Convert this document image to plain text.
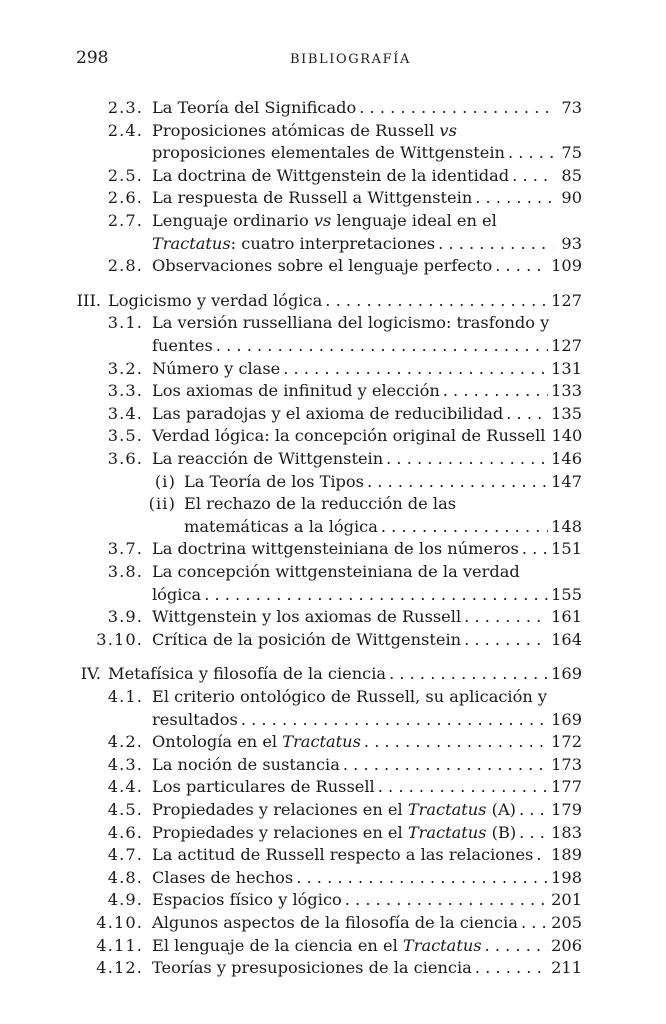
298	BIBLIOGRAFÍA
2.3. La Teoría del Significado . . .	73
2.4. Proposiciones atómicas de Russell vs
proposiciones elementales de Wittgenstein . . .	75
2.5. La doctrina de Wittgenstein de la identidad . . .	85
2.6. La respuesta de Russell a Wittgenstein . . .	90
2.7. Lenguaje ordinario vs lenguaje ideal en el
Tractatus: cuatro interpretaciones . . .	93
2.8. Observaciones sobre el lenguaje perfecto . . .	109
III. Logicismo y verdad lógica . . .	127
3.1. La versión russelliana del logicismo: trasfondo y
fuentes . . .	127
3.2. Número y clase . . .	131
3.3. Los axiomas de infinitud y elección . . .	133
3.4. Las paradojas y el axioma de reducibilidad . . .	135
3.5. Verdad lógica: la concepción original de Russell 140
3.6. La reacción de Wittgenstein . . .	146
(i) La Teoría de los Tipos . . .	147
(ii) El rechazo de la reducción de las
matemáticas a la lógica . . .	148
3.7. La doctrina wittgensteiniana de los números . . . 151
3.8. La concepción wittgensteiniana de la verdad
lógica . . .	155
3.9. Wittgenstein y los axiomas de Russell . . .	161
3.10. Crítica de la posición de Wittgenstein . . .	164
IV. Metafísica y filosofía de la ciencia . . .	169
4.1. El criterio ontológico de Russell, su aplicación y
resultados . . .	169
4.2. Ontología en el Tractatus . . .	172
4.3. La noción de sustancia . . .	173
4.4. Los particulares de Russell . . .	177
4.5. Propiedades y relaciones en el Tractatus (A) . . . 179
4.6. Propiedades y relaciones en el Tractatus (B) . . . 183
4.7. La actitud de Russell respecto a las relaciones . . . 189
4.8. Clases de hechos . . .	198
4.9. Espacios físico y lógico . . .	201
4.10. Algunos aspectos de la filosofía de la ciencia . . . 205
4.11. El lenguaje de la ciencia en el Tractatus . . .	206
4.12. Teorías y presuposiciones de la ciencia . . .	211
